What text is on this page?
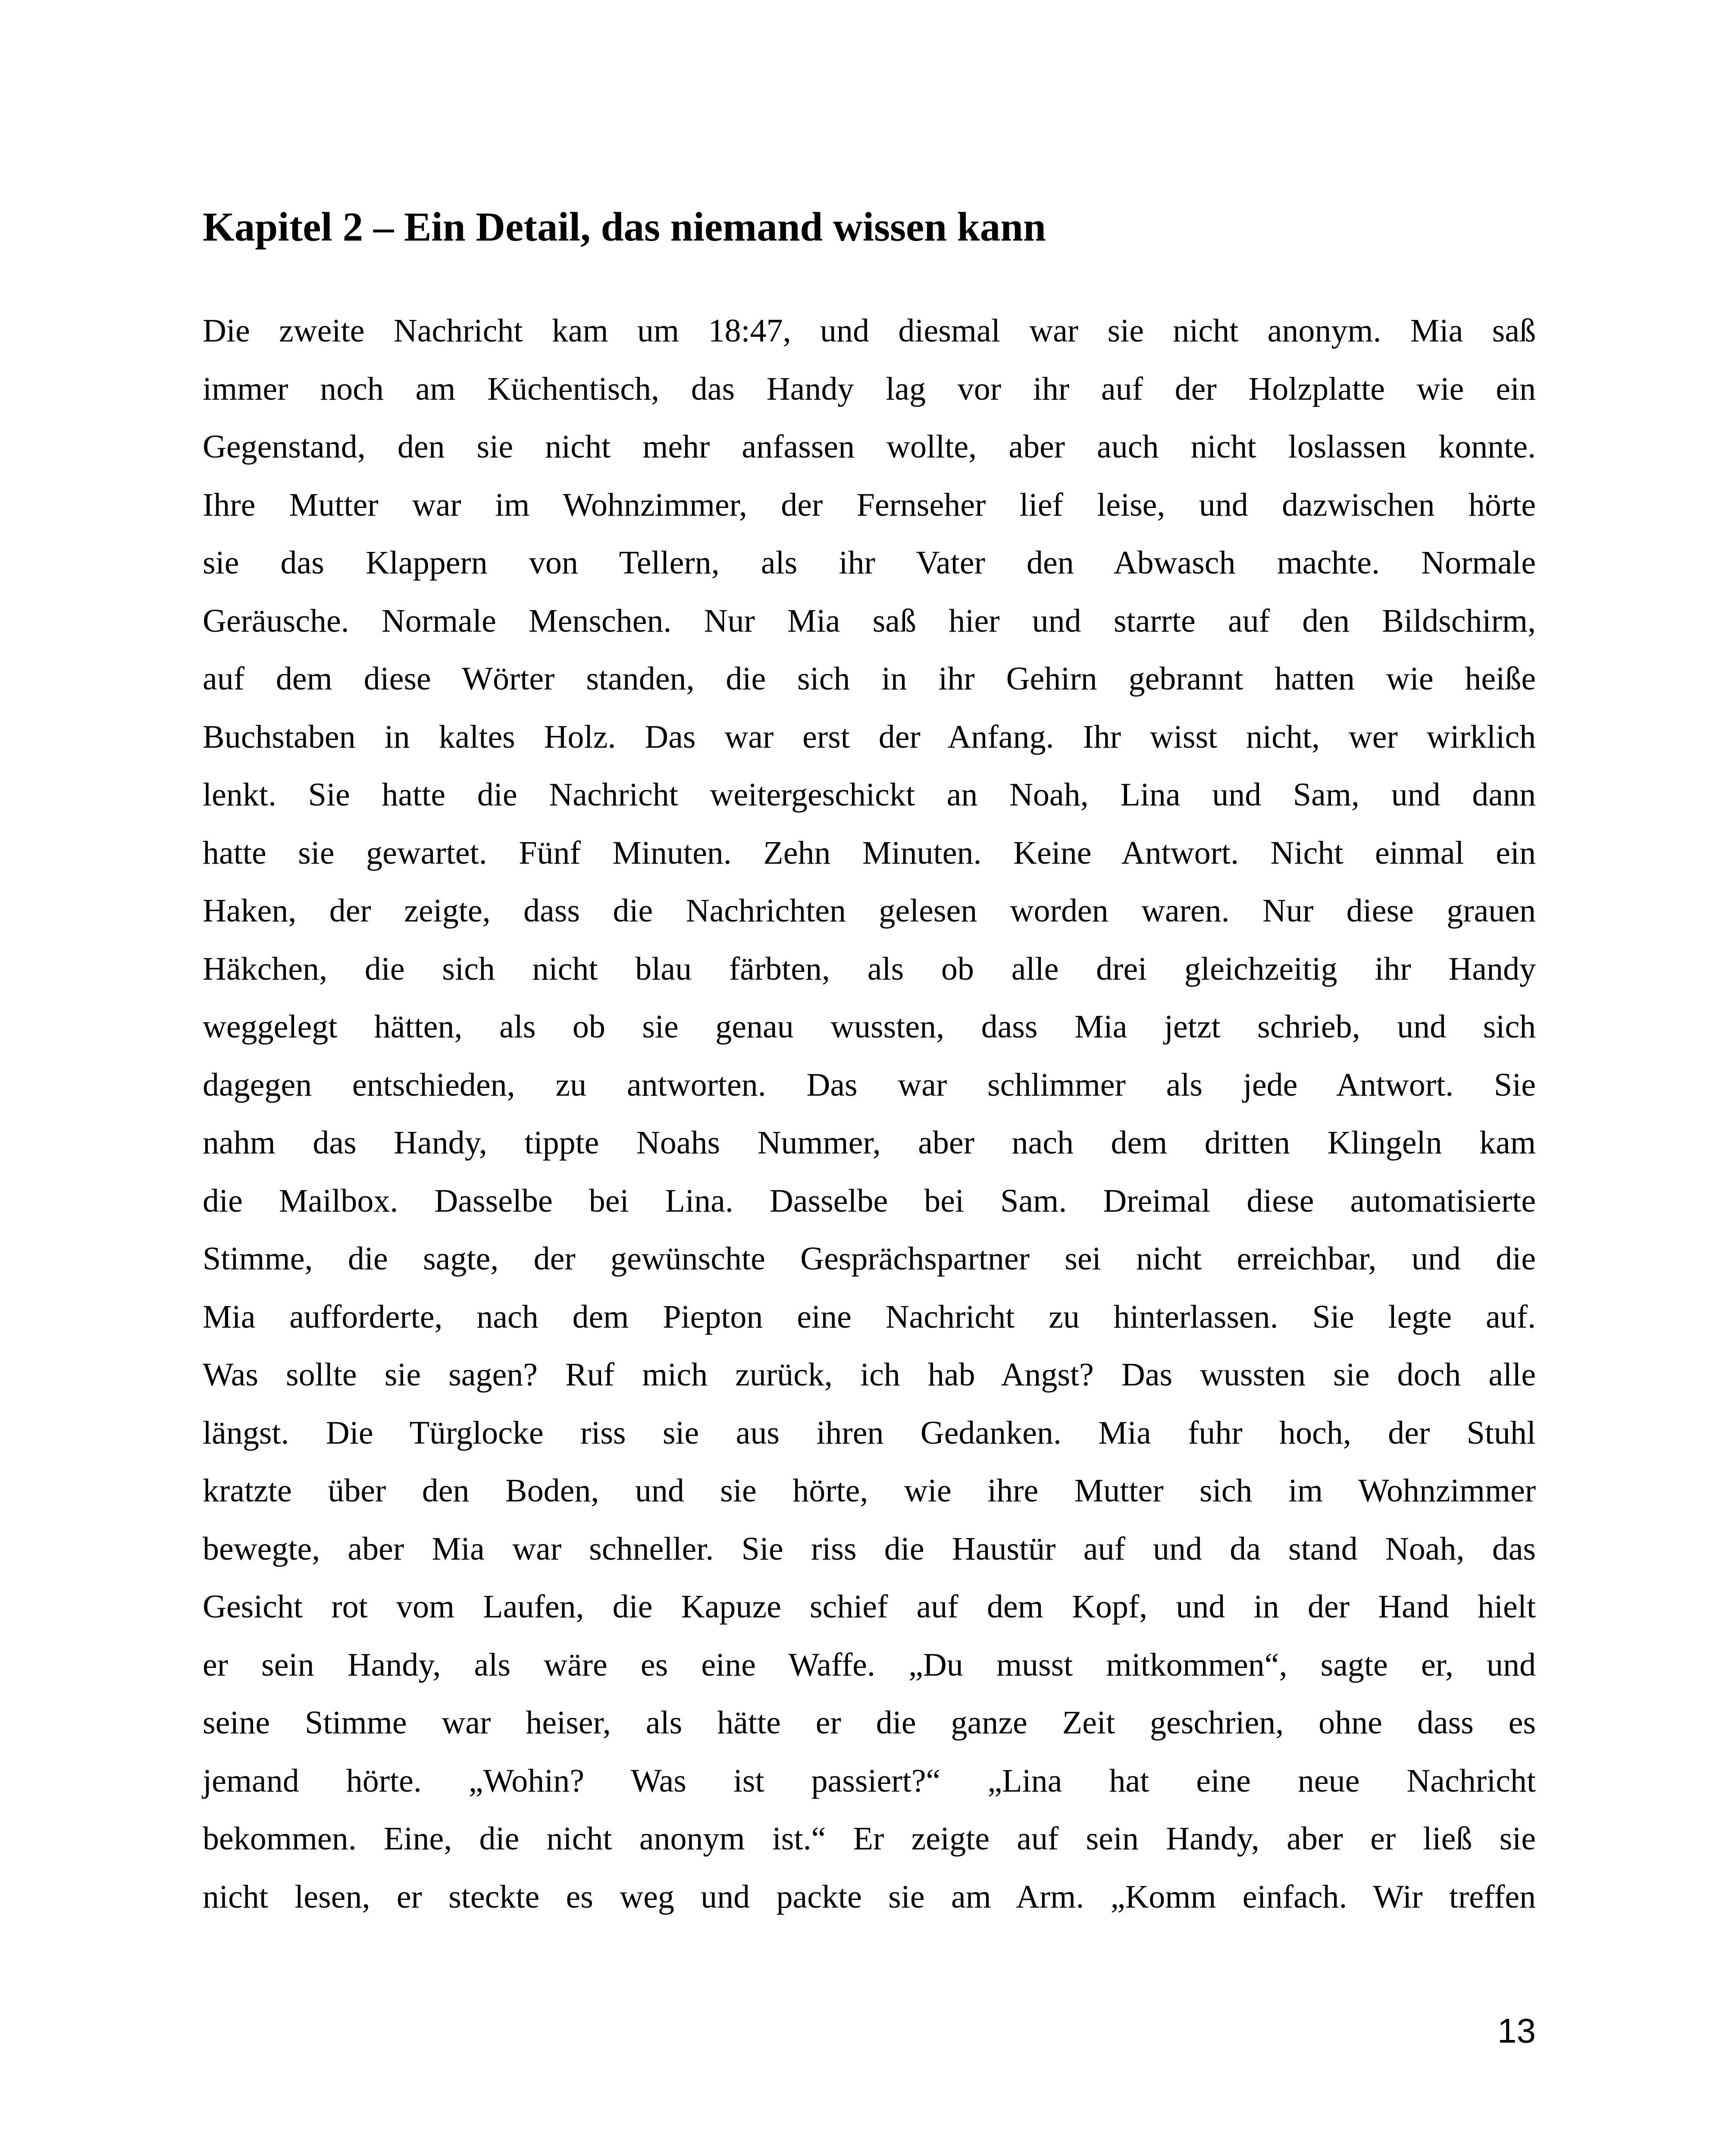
Kapitel 2 – Ein Detail, das niemand wissen kann
Die zweite Nachricht kam um 18:47, und diesmal war sie nicht anonym. Mia saß
immer noch am Küchentisch, das Handy lag vor ihr auf der Holzplatte wie ein
Gegenstand, den sie nicht mehr anfassen wollte, aber auch nicht loslassen konnte.
Ihre Mutter war im Wohnzimmer, der Fernseher lief leise, und dazwischen hörte
sie das Klappern von Tellern, als ihr Vater den Abwasch machte. Normale
Geräusche. Normale Menschen. Nur Mia saß hier und starrte auf den Bildschirm,
auf dem diese Wörter standen, die sich in ihr Gehirn gebrannt hatten wie heiße
Buchstaben in kaltes Holz. Das war erst der Anfang. Ihr wisst nicht, wer wirklich
lenkt. Sie hatte die Nachricht weitergeschickt an Noah, Lina und Sam, und dann
hatte sie gewartet. Fünf Minuten. Zehn Minuten. Keine Antwort. Nicht einmal ein
Haken, der zeigte, dass die Nachrichten gelesen worden waren. Nur diese grauen
Häkchen, die sich nicht blau färbten, als ob alle drei gleichzeitig ihr Handy
weggelegt hätten, als ob sie genau wussten, dass Mia jetzt schrieb, und sich
dagegen entschieden, zu antworten. Das war schlimmer als jede Antwort. Sie
nahm das Handy, tippte Noahs Nummer, aber nach dem dritten Klingeln kam
die Mailbox. Dasselbe bei Lina. Dasselbe bei Sam. Dreimal diese automatisierte
Stimme, die sagte, der gewünschte Gesprächspartner sei nicht erreichbar, und die
Mia aufforderte, nach dem Piepton eine Nachricht zu hinterlassen. Sie legte auf.
Was sollte sie sagen? Ruf mich zurück, ich hab Angst? Das wussten sie doch alle
längst. Die Türglocke riss sie aus ihren Gedanken. Mia fuhr hoch, der Stuhl
kratzte über den Boden, und sie hörte, wie ihre Mutter sich im Wohnzimmer
bewegte, aber Mia war schneller. Sie riss die Haustür auf und da stand Noah, das
Gesicht rot vom Laufen, die Kapuze schief auf dem Kopf, und in der Hand hielt
er sein Handy, als wäre es eine Waffe. „Du musst mitkommen“, sagte er, und
seine Stimme war heiser, als hätte er die ganze Zeit geschrien, ohne dass es
jemand hörte. „Wohin? Was ist passiert?“ „Lina hat eine neue Nachricht
bekommen. Eine, die nicht anonym ist.“ Er zeigte auf sein Handy, aber er ließ sie
nicht lesen, er steckte es weg und packte sie am Arm. „Komm einfach. Wir treffen
13
